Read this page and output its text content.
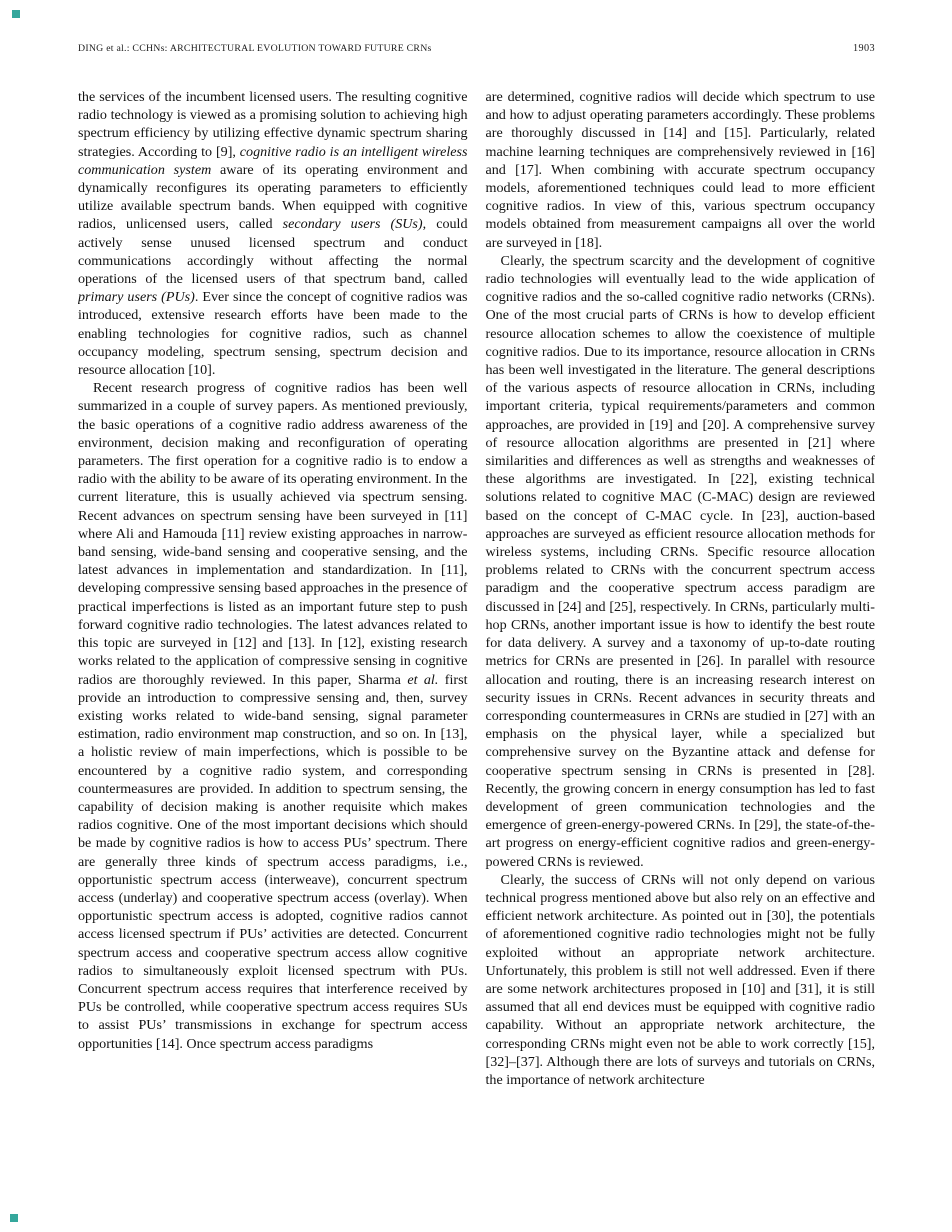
DING et al.: CCHNs: ARCHITECTURAL EVOLUTION TOWARD FUTURE CRNs	1903

the services of the incumbent licensed users. The resulting cognitive radio technology is viewed as a promising solution to achieving high spectrum efficiency by utilizing effective dynamic spectrum sharing strategies. According to [9], cognitive radio is an intelligent wireless communication system aware of its operating environment and dynamically reconfigures its operating parameters to efficiently utilize available spectrum bands. When equipped with cognitive radios, unlicensed users, called secondary users (SUs), could actively sense unused licensed spectrum and conduct communications accordingly without affecting the normal operations of the licensed users of that spectrum band, called primary users (PUs). Ever since the concept of cognitive radios was introduced, extensive research efforts have been made to the enabling technologies for cognitive radios, such as channel occupancy modeling, spectrum sensing, spectrum decision and resource allocation [10].

Recent research progress of cognitive radios has been well summarized in a couple of survey papers. As mentioned previously, the basic operations of a cognitive radio address awareness of the environment, decision making and reconfiguration of operating parameters. The first operation for a cognitive radio is to endow a radio with the ability to be aware of its operating environment. In the current literature, this is usually achieved via spectrum sensing. Recent advances on spectrum sensing have been surveyed in [11] where Ali and Hamouda [11] review existing approaches in narrow-band sensing, wide-band sensing and cooperative sensing, and the latest advances in implementation and standardization. In [11], developing compressive sensing based approaches in the presence of practical imperfections is listed as an important future step to push forward cognitive radio technologies. The latest advances related to this topic are surveyed in [12] and [13]. In [12], existing research works related to the application of compressive sensing in cognitive radios are thoroughly reviewed. In this paper, Sharma et al. first provide an introduction to compressive sensing and, then, survey existing works related to wide-band sensing, signal parameter estimation, radio environment map construction, and so on. In [13], a holistic review of main imperfections, which is possible to be encountered by a cognitive radio system, and corresponding countermeasures are provided. In addition to spectrum sensing, the capability of decision making is another requisite which makes radios cognitive. One of the most important decisions which should be made by cognitive radios is how to access PUs’ spectrum. There are generally three kinds of spectrum access paradigms, i.e., opportunistic spectrum access (interweave), concurrent spectrum access (underlay) and cooperative spectrum access (overlay). When opportunistic spectrum access is adopted, cognitive radios cannot access licensed spectrum if PUs’ activities are detected. Concurrent spectrum access and cooperative spectrum access allow cognitive radios to simultaneously exploit licensed spectrum with PUs. Concurrent spectrum access requires that interference received by PUs be controlled, while cooperative spectrum access requires SUs to assist PUs’ transmissions in exchange for spectrum access opportunities [14]. Once spectrum access paradigms

are determined, cognitive radios will decide which spectrum to use and how to adjust operating parameters accordingly. These problems are thoroughly discussed in [14] and [15]. Particularly, related machine learning techniques are comprehensively reviewed in [16] and [17]. When combining with accurate spectrum occupancy models, aforementioned techniques could lead to more efficient cognitive radios. In view of this, various spectrum occupancy models obtained from measurement campaigns all over the world are surveyed in [18].

Clearly, the spectrum scarcity and the development of cognitive radio technologies will eventually lead to the wide application of cognitive radios and the so-called cognitive radio networks (CRNs). One of the most crucial parts of CRNs is how to develop efficient resource allocation schemes to allow the coexistence of multiple cognitive radios. Due to its importance, resource allocation in CRNs has been well investigated in the literature. The general descriptions of the various aspects of resource allocation in CRNs, including important criteria, typical requirements/parameters and common approaches, are provided in [19] and [20]. A comprehensive survey of resource allocation algorithms are presented in [21] where similarities and differences as well as strengths and weaknesses of these algorithms are investigated. In [22], existing technical solutions related to cognitive MAC (C-MAC) design are reviewed based on the concept of C-MAC cycle. In [23], auction-based approaches are surveyed as efficient resource allocation methods for wireless systems, including CRNs. Specific resource allocation problems related to CRNs with the concurrent spectrum access paradigm and the cooperative spectrum access paradigm are discussed in [24] and [25], respectively. In CRNs, particularly multi-hop CRNs, another important issue is how to identify the best route for data delivery. A survey and a taxonomy of up-to-date routing metrics for CRNs are presented in [26]. In parallel with resource allocation and routing, there is an increasing research interest on security issues in CRNs. Recent advances in security threats and corresponding countermeasures in CRNs are studied in [27] with an emphasis on the physical layer, while a specialized but comprehensive survey on the Byzantine attack and defense for cooperative spectrum sensing in CRNs is presented in [28]. Recently, the growing concern in energy consumption has led to fast development of green communication technologies and the emergence of green-energy-powered CRNs. In [29], the state-of-the-art progress on energy-efficient cognitive radios and green-energy-powered CRNs is reviewed.

Clearly, the success of CRNs will not only depend on various technical progress mentioned above but also rely on an effective and efficient network architecture. As pointed out in [30], the potentials of aforementioned cognitive radio technologies might not be fully exploited without an appropriate network architecture. Unfortunately, this problem is still not well addressed. Even if there are some network architectures proposed in [10] and [31], it is still assumed that all end devices must be equipped with cognitive radio capability. Without an appropriate network architecture, the corresponding CRNs might even not be able to work correctly [15], [32]–[37]. Although there are lots of surveys and tutorials on CRNs, the importance of network architecture
